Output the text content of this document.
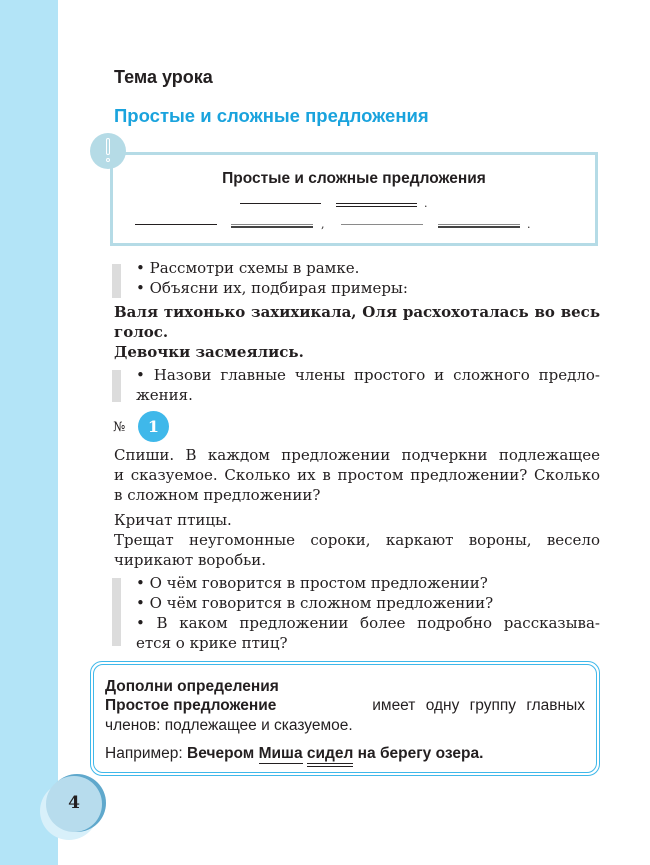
Тема урока
Простые и сложные предложения
Простые и сложные предложения
.
,	.
• Рассмотри схемы в рамке.
• Объясни их, подбирая примеры:
Валя тихонько захихикала, Оля расхохоталась во весь
голос.
Девочки засмеялись.
• Назови главные члены простого и сложного предло-
жения.
№	1
Спиши. В каждом предложении подчеркни подлежащее
и сказуемое. Сколько их в простом предложении? Сколько
в сложном предложении?
Кричат птицы.
Трещат неугомонные сороки, каркают вороны, весело
чирикают воробьи.
• О чём говорится в простом предложении?
• О чём говорится в сложном предложении?
• В каком предложении более подробно рассказыва-
ется о крике птиц?
Дополни определения
Простое предложение	имеет одну группу главных
членов: подлежащее и сказуемое.
Например: Вечером Миша сидел на берегу озера.
4
